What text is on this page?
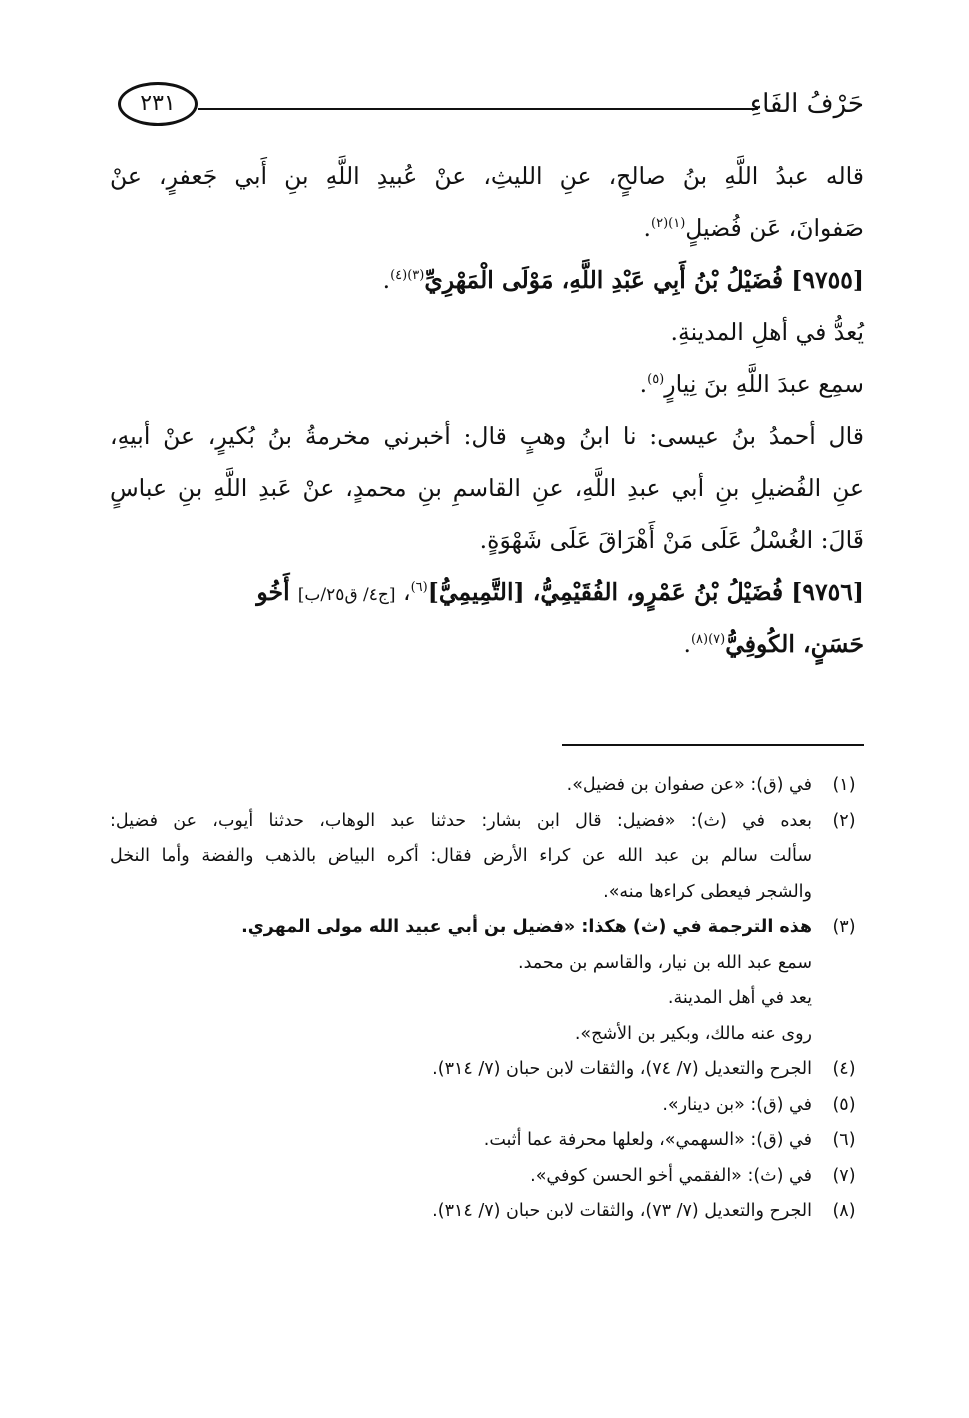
حَرْفُ الفَاءِ
٢٣١
قاله عبدُ اللَّهِ بنُ صالحٍ، عنِ الليثِ، عنْ عُبيدِ اللَّهِ بنِ أَبي جَعفرٍ، عنْ
صَفوانَ، عَن فُضيلٍ$^{(١)(٢)}$.
[٩٧٥٥] فُضَيْلُ بْنُ أَبِي عَبْدِ اللَّهِ، مَوْلَى الْمَهْرِيِّ$^{(٣)(٤)}$.
يُعدُّ في أهلِ المدينةِ.
سمِع عبدَ اللَّهِ بنَ نِيارٍ$^{(٥)}$.
قال أحمدُ بنُ عيسى: نا ابنُ وهبٍ قال: أخبرني مخرمةُ بنُ بُكيرٍ، عنْ أبيهِ،
عنِ الفُضيلِ بنِ أبي عبدِ اللَّهِ، عنِ القاسمِ بنِ محمدٍ، عنْ عَبدِ اللَّهِ بنِ عباسٍ
قَالَ: الغُسْلُ عَلَى مَنْ أَهْرَاقَ عَلَى شَهْوَةٍ.
[٩٧٥٦] فُضَيْلُ بْنُ عَمْرٍو، الفُقَيْمِيُّ، [التَّمِيمِيُّ]$^{(٦)}$، [ج٤/ ق٢٥/ب] أَخُو
حَسَنٍ، الكُوفِيُّ$^{(٧)(٨)}$.
(١)
في (ق): «عن صفوان بن فضيل».
(٢)
بعده في (ث): «فضيل: قال ابن بشار: حدثنا عبد الوهاب، حدثنا أيوب، عن فضيل:
سألت سالم بن عبد الله عن كراء الأرض فقال: أكره البياض بالذهب والفضة وأما النخل
والشجر فيعطى كراءها منه».
(٣)
هذه الترجمة في (ث) هكذا: «فضيل بن أبي عبيد الله مولى المهري.
سمع عبد الله بن نيار، والقاسم بن محمد.
يعد في أهل المدينة.
روى عنه مالك، وبكير بن الأشج».
(٤)
الجرح والتعديل (٧/ ٧٤)، والثقات لابن حبان (٧/ ٣١٤).
(٥)
في (ق): «بن دينار».
(٦)
في (ق): «السهمي»، ولعلها محرفة عما أثبت.
(٧)
في (ث): «الفقمي أخو الحسن كوفي».
(٨)
الجرح والتعديل (٧/ ٧٣)، والثقات لابن حبان (٧/ ٣١٤).
